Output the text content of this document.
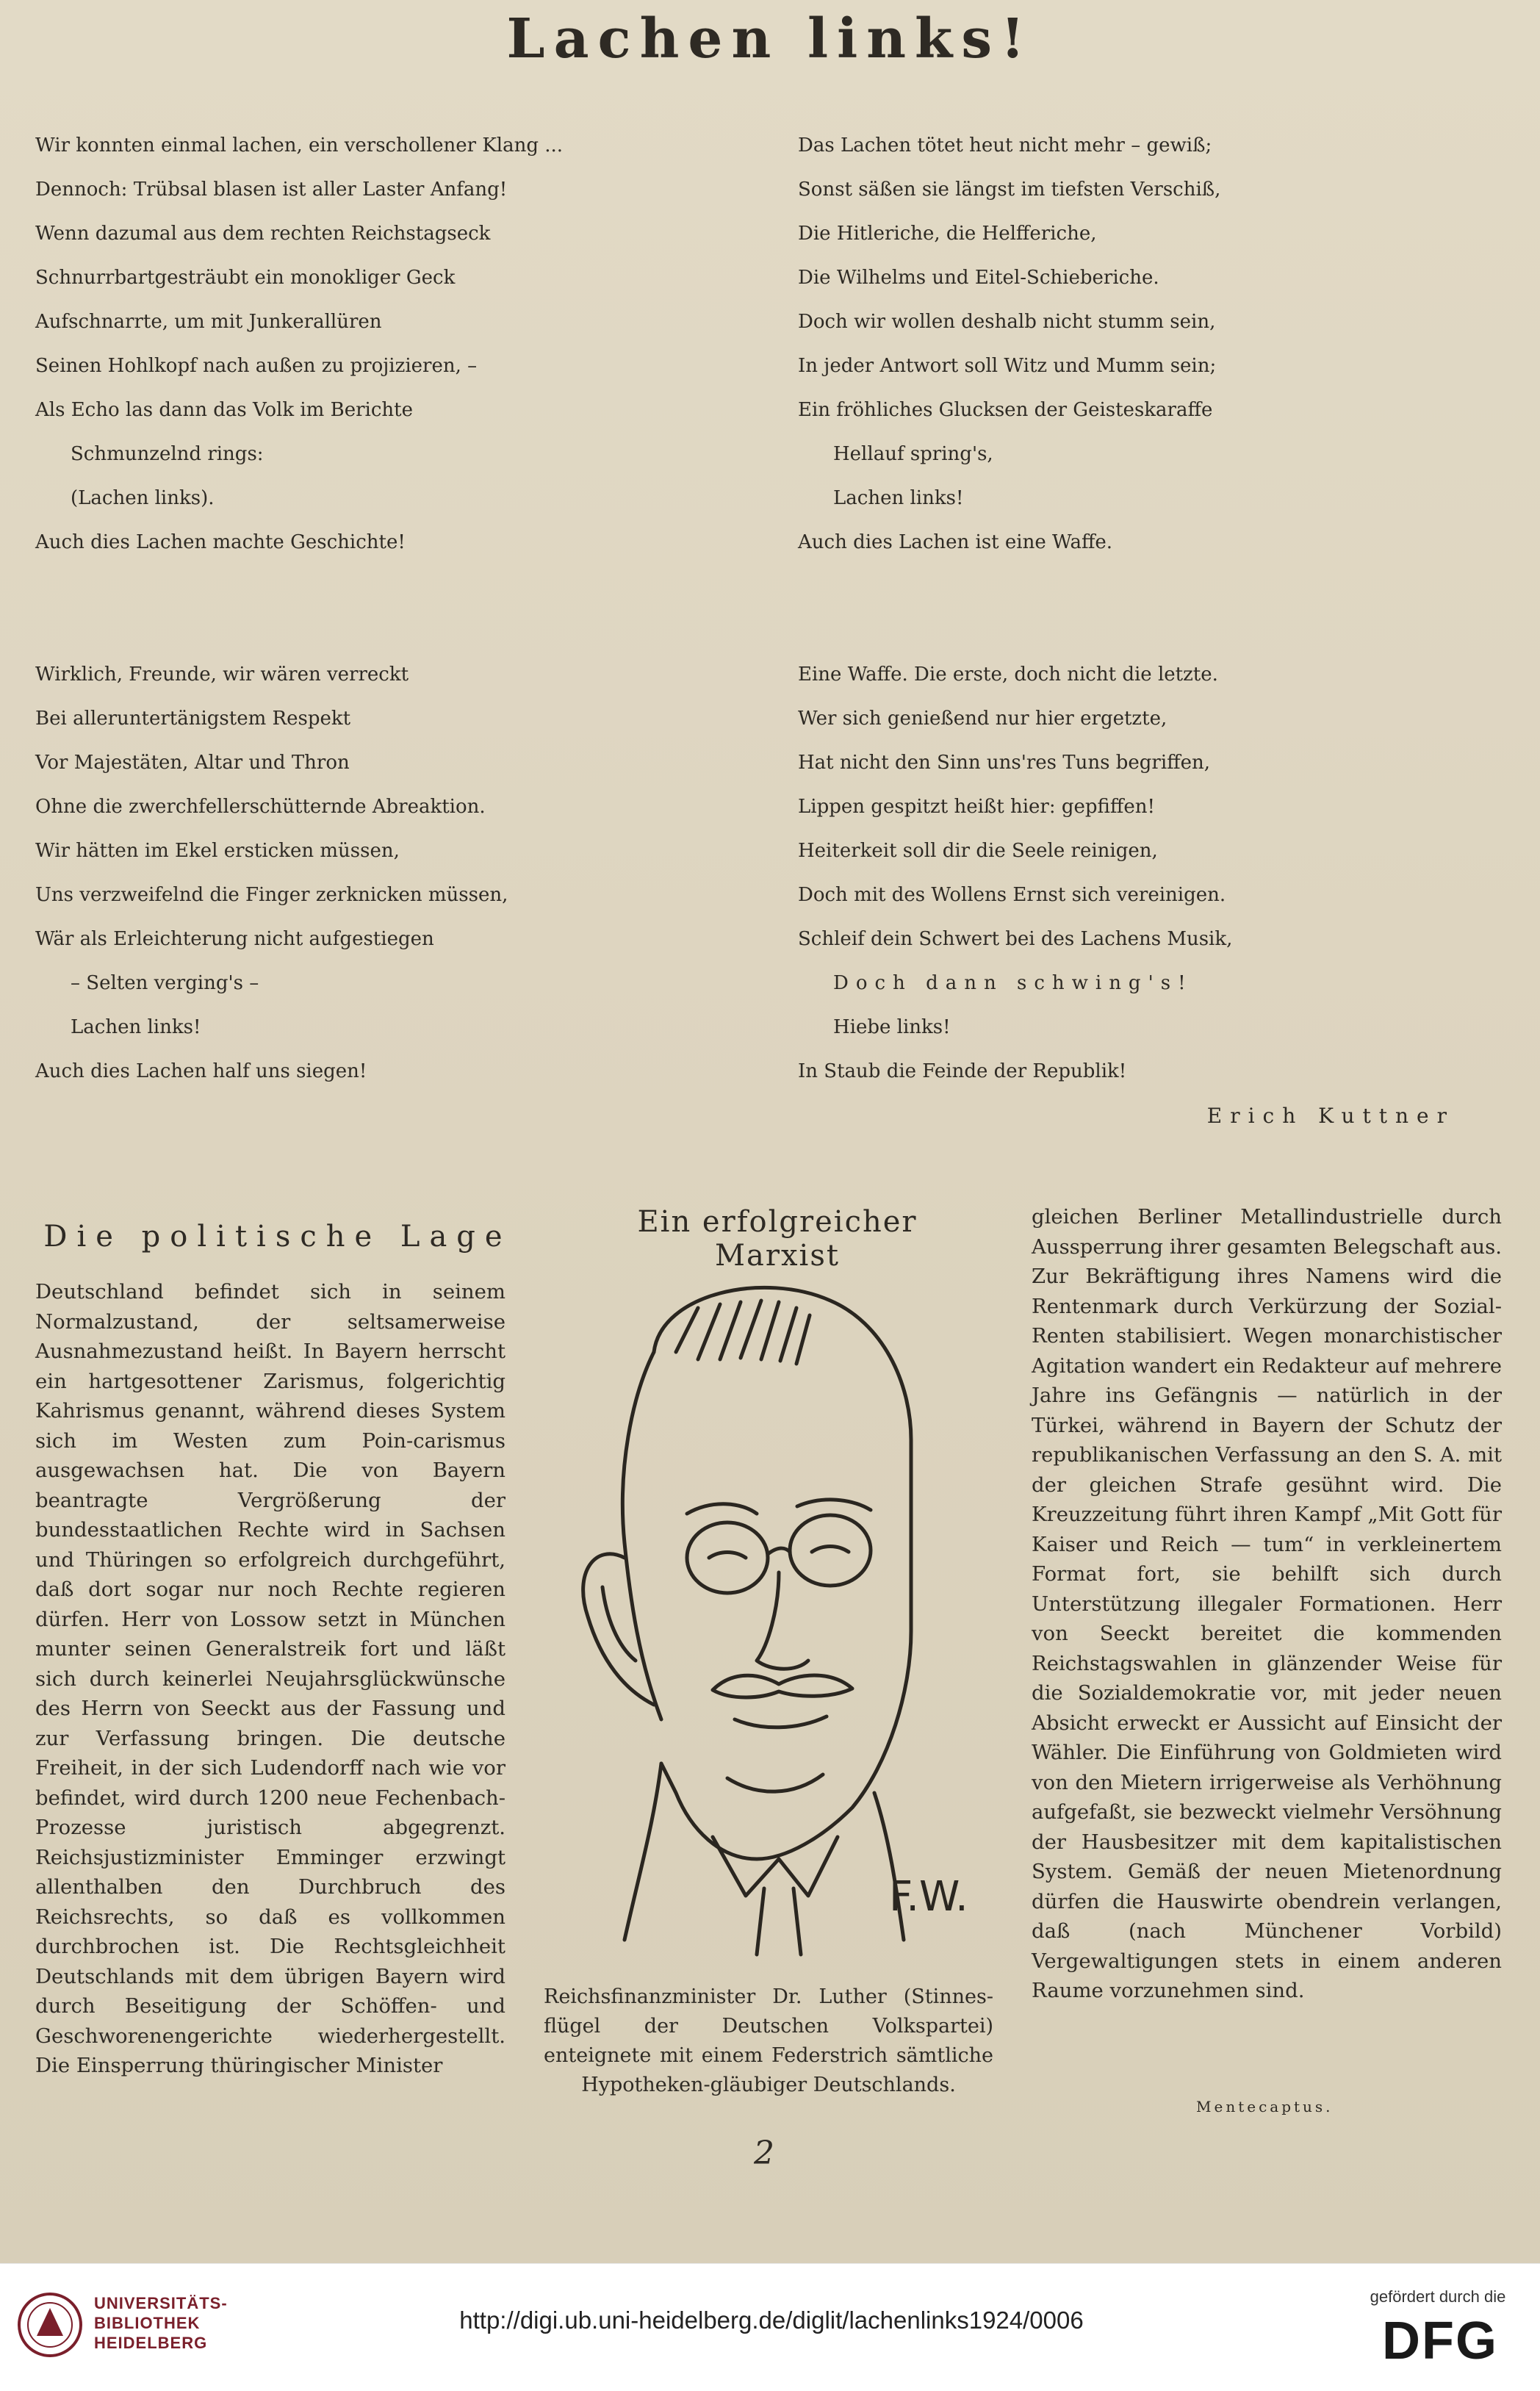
Lachen links!
Wir konnten einmal lachen, ein verschollener Klang ...
Dennoch: Trübsal blasen ist aller Laster Anfang!
Wenn dazumal aus dem rechten Reichstagseck
Schnurrbartgesträubt ein monokliger Geck
Aufschnarrte, um mit Junkerallüren
Seinen Hohlkopf nach außen zu projizieren, –
Als Echo las dann das Volk im Berichte
Schmunzelnd rings:
(Lachen links).
Auch dies Lachen machte Geschichte!
Wirklich, Freunde, wir wären verreckt
Bei alleruntertänigstem Respekt
Vor Majestäten, Altar und Thron
Ohne die zwerchfellerschütternde Abreaktion.
Wir hätten im Ekel ersticken müssen,
Uns verzweifelnd die Finger zerknicken müssen,
Wär als Erleichterung nicht aufgestiegen
– Selten verging's –
Lachen links!
Auch dies Lachen half uns siegen!
Das Lachen tötet heut nicht mehr – gewiß;
Sonst säßen sie längst im tiefsten Verschiß,
Die Hitleriche, die Helfferiche,
Die Wilhelms und Eitel-Schieberiche.
Doch wir wollen deshalb nicht stumm sein,
In jeder Antwort soll Witz und Mumm sein;
Ein fröhliches Glucksen der Geisteskaraffe
Hellauf spring's,
Lachen links!
Auch dies Lachen ist eine Waffe.
Eine Waffe. Die erste, doch nicht die letzte.
Wer sich genießend nur hier ergetzte,
Hat nicht den Sinn uns'res Tuns begriffen,
Lippen gespitzt heißt hier: gepfiffen!
Heiterkeit soll dir die Seele reinigen,
Doch mit des Wollens Ernst sich vereinigen.
Schleif dein Schwert bei des Lachens Musik,
Doch dann schwing's!
Hiebe links!
In Staub die Feinde der Republik!
Erich Kuttner
Die politische Lage
Deutschland befindet sich in seinem Normalzustand, der seltsamerweise Ausnahmezustand heißt. In Bayern herrscht ein hartgesottener Zarismus, folgerichtig Kahrismus genannt, während dieses System sich im Westen zum Poin-carismus ausgewachsen hat. Die von Bayern beantragte Vergrößerung der bundesstaatlichen Rechte wird in Sachsen und Thüringen so erfolgreich durchgeführt, daß dort sogar nur noch Rechte regieren dürfen. Herr von Lossow setzt in München munter seinen Generalstreik fort und läßt sich durch keinerlei Neujahrsglückwünsche des Herrn von Seeckt aus der Fassung und zur Verfassung bringen. Die deutsche Freiheit, in der sich Ludendorff nach wie vor befindet, wird durch 1200 neue Fechenbach-Prozesse juristisch abgegrenzt. Reichsjustizminister Emminger erzwingt allenthalben den Durchbruch des Reichsrechts, so daß es vollkommen durchbrochen ist. Die Rechtsgleichheit Deutschlands mit dem übrigen Bayern wird durch Beseitigung der Schöffen- und Geschworenengerichte wiederhergestellt. Die Einsperrung thüringischer Minister
Ein erfolgreicher Marxist
F.W.
Reichsfinanzminister Dr. Luther (Stinnes-flügel der Deutschen Volkspartei) enteignete mit einem Federstrich sämtliche Hypotheken-gläubiger Deutschlands.
gleichen Berliner Metallindustrielle durch Aussperrung ihrer gesamten Belegschaft aus. Zur Bekräftigung ihres Namens wird die Rentenmark durch Verkürzung der Sozial-Renten stabilisiert. Wegen monarchistischer Agitation wandert ein Redakteur auf mehrere Jahre ins Gefängnis — natürlich in der Türkei, während in Bayern der Schutz der republikanischen Verfassung an den S. A. mit der gleichen Strafe gesühnt wird. Die Kreuzzeitung führt ihren Kampf „Mit Gott für Kaiser und Reich — tum“ in verkleinertem Format fort, sie behilft sich durch Unterstützung illegaler Formationen. Herr von Seeckt bereitet die kommenden Reichstagswahlen in glänzender Weise für die Sozialdemokratie vor, mit jeder neuen Absicht erweckt er Aussicht auf Einsicht der Wähler. Die Einführung von Goldmieten wird von den Mietern irrigerweise als Verhöhnung aufgefaßt, sie bezweckt vielmehr Versöhnung der Hausbesitzer mit dem kapitalistischen System. Gemäß der neuen Mietenordnung dürfen die Hauswirte obendrein verlangen, daß (nach Münchener Vorbild) Vergewaltigungen stets in einem anderen Raume vorzunehmen sind.
Mentecaptus.
2
UNIVERSITÄTS-
BIBLIOTHEK
HEIDELBERG
http://digi.ub.uni-heidelberg.de/diglit/lachenlinks1924/0006
gefördert durch die
DFG
